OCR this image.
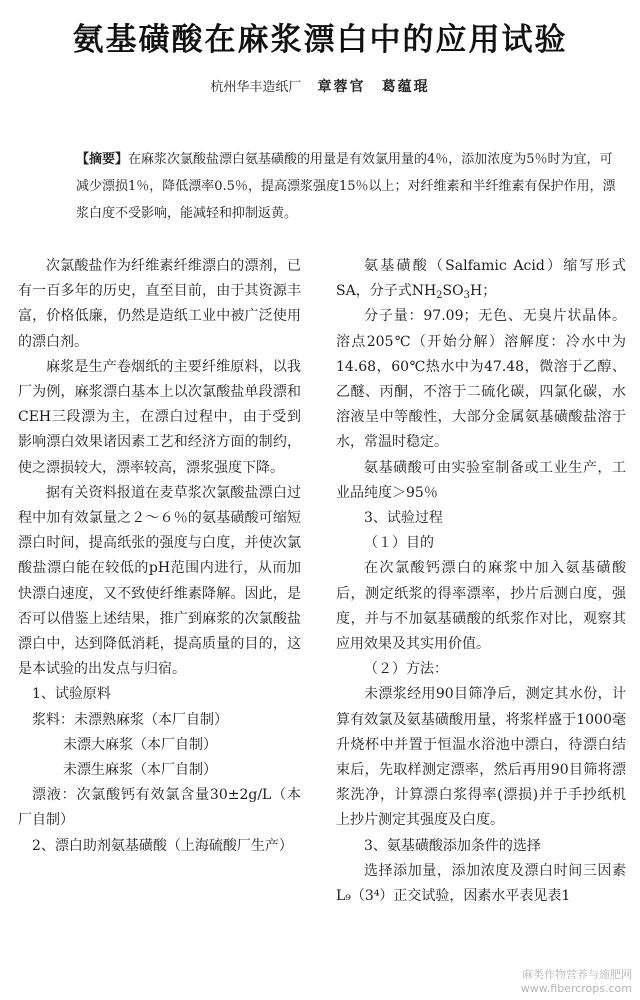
氨基磺酸在麻浆漂白中的应用试验
杭州华丰造纸厂 章蓉官 葛蕴琨
【摘要】在麻浆次氯酸盐漂白氨基磺酸的用量是有效氯用量的4％，添加浓度为5％时为宜，可减少漂损1％，降低漂率0.5％，提高漂浆强度15％以上；对纤维素和半纤维素有保护作用，漂浆白度不受影响，能减轻和抑制返黄。

次氯酸盐作为纤维素纤维漂白的漂剂，已有一百多年的历史，直至目前，由于其资源丰富，价格低廉，仍然是造纸工业中被广泛使用的漂白剂。

麻浆是生产卷烟纸的主要纤维原料，以我厂为例，麻浆漂白基本上以次氯酸盐单段漂和CEH三段漂为主，在漂白过程中，由于受到影响漂白效果诸因素工艺和经济方面的制约，使之漂损较大，漂率较高，漂浆强度下降。

据有关资料报道在麦草浆次氯酸盐漂白过程中加有效氯量之２～６％的氨基磺酸可缩短漂白时间，提高纸张的强度与白度，并使次氯酸盐漂白能在较低的pH范围内进行，从而加快漂白速度，又不致使纤维素降解。因此，是否可以借鉴上述结果，推广到麻浆的次氯酸盐漂白中，达到降低消耗，提高质量的目的，这是本试验的出发点与归宿。

1、试验原料

浆料：未漂熟麻浆（本厂自制）

未漂大麻浆（本厂自制）

未漂生麻浆（本厂自制）

漂液：次氯酸钙有效氯含量30±2g/L（本厂自制）

2、漂白助剂氨基磺酸（上海硫酸厂生产）

氨基磺酸（Salfamic Acid）缩写形式SA，分子式$NH_2SO_3H$；

分子量：97.09；无色、无臭片状晶体。溶点205℃（开始分解）溶解度：冷水中为14.68，60℃热水中为47.48，微溶于乙醇、乙醚、丙酮，不溶于二硫化碳，四氯化碳，水溶液呈中等酸性，大部分金属氨基磺酸盐溶于水，常温时稳定。

氨基磺酸可由实验室制备或工业生产，工业品纯度＞95％

3、试验过程

（１）目的

在次氯酸钙漂白的麻浆中加入氨基磺酸后，测定纸浆的得率漂率，抄片后测白度，强度，并与不加氨基磺酸的纸浆作对比，观察其应用效果及其实用价值。

（２）方法：

未漂浆经用90目筛净后，测定其水份，计算有效氯及氨基磺酸用量，将浆样盛于1000毫升烧杯中并置于恒温水浴池中漂白，待漂白结束后，先取样测定漂率，然后再用90目筛将漂浆洗净，计算漂白浆得率(漂损)并于手抄纸机上抄片测定其强度及白度。

3、氨基磺酸添加条件的选择

选择添加量，添加浓度及漂白时间三因素L₉（3⁴）正交试验，因素水平表见表1

麻类作物营养与施肥网
www.fibercrops.com
